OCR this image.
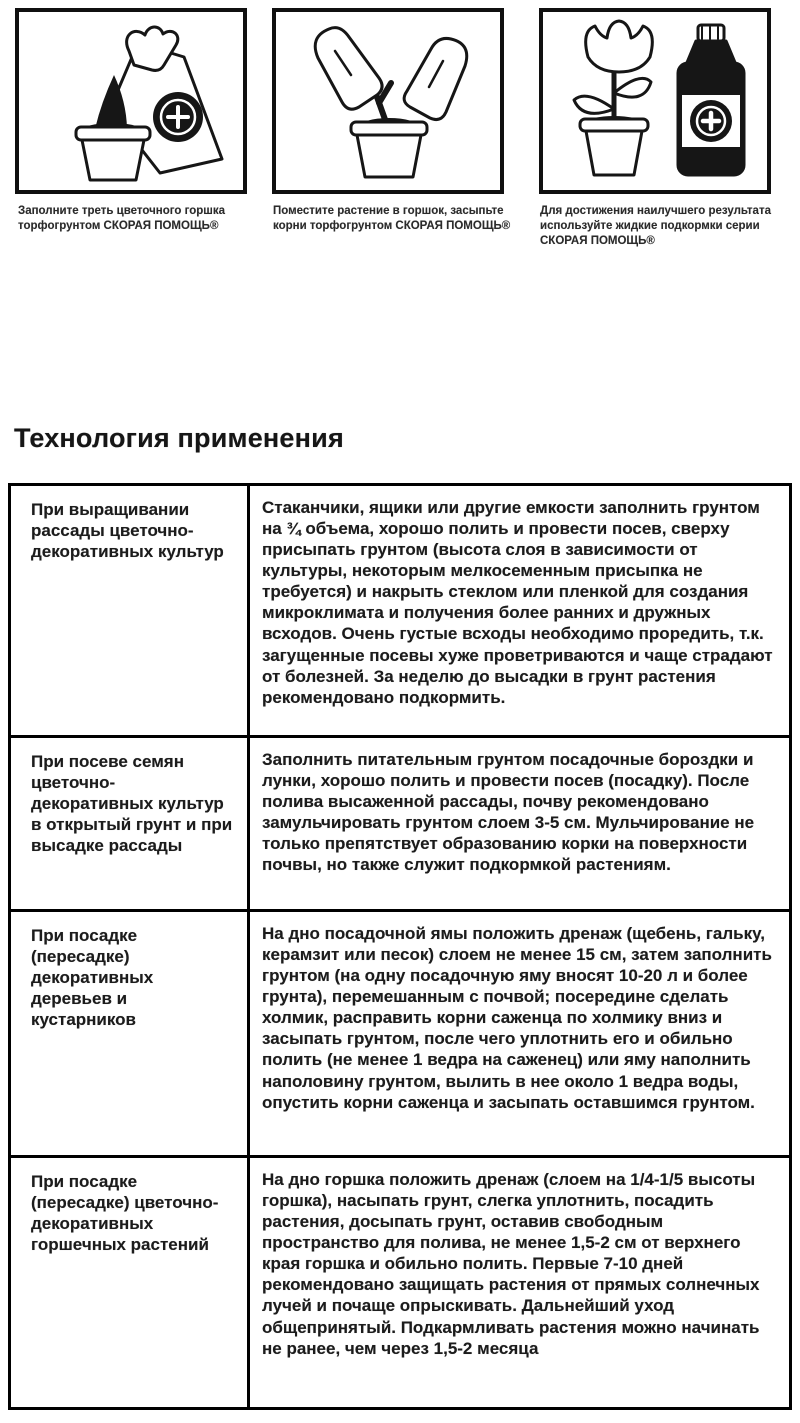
Заполните треть цветочного горшка торфогрунтом СКОРАЯ ПОМОЩЬ®
Поместите растение в горшок, засыпьте корни торфогрунтом СКОРАЯ ПОМОЩЬ®
Для достижения наилучшего результата используйте жидкие подкормки серии СКОРАЯ ПОМОЩЬ®
Технология применения
При выращивании рассады цветочно-декоративных культур
Стаканчики, ящики или другие емкости заполнить грунтом на ¾ объема, хорошо полить и провести посев, сверху присыпать грунтом (высота слоя в зависимости от культуры, некоторым мелкосеменным присыпка не требуется) и накрыть стеклом или пленкой для создания микроклимата и получения более ранних и дружных всходов. Очень густые всходы необходимо проредить, т.к. загущенные посевы хуже проветриваются и чаще страдают от болезней. За неделю до высадки в грунт растения рекомендовано подкормить.
При посеве семян цветочно-декоративных культур в открытый грунт и при высадке рассады
Заполнить питательным грунтом посадочные бороздки и лунки, хорошо полить и провести посев (посадку). После полива высаженной рассады, почву рекомендовано замульчировать грунтом слоем 3-5 см. Мульчирование не только препятствует образованию корки на поверхности почвы, но также служит подкормкой растениям.
При посадке (пересадке) декоративных деревьев и кустарников
На дно посадочной ямы положить дренаж (щебень, гальку, керамзит или песок) слоем не менее 15 см, затем заполнить грунтом (на одну посадочную яму вносят 10-20 л и более грунта), перемешанным с почвой; посередине сделать холмик, расправить корни саженца по холмику вниз и засыпать грунтом, после чего уплотнить его и обильно полить (не менее 1 ведра на саженец) или яму наполнить наполовину грунтом, вылить в нее около 1 ведра воды, опустить корни саженца и засыпать оставшимся грунтом.
При посадке (пересадке) цветочно-декоративных горшечных растений
На дно горшка положить дренаж (слоем на 1/4-1/5 высоты горшка), насыпать грунт, слегка уплотнить, посадить растения, досыпать грунт, оставив свободным пространство для полива, не менее 1,5-2 см от верхнего края горшка и обильно полить. Первые 7-10 дней рекомендовано защищать растения от прямых солнечных лучей и почаще опрыскивать. Дальнейший уход общепринятый. Подкармливать растения можно начинать не ранее, чем через 1,5-2 месяца
